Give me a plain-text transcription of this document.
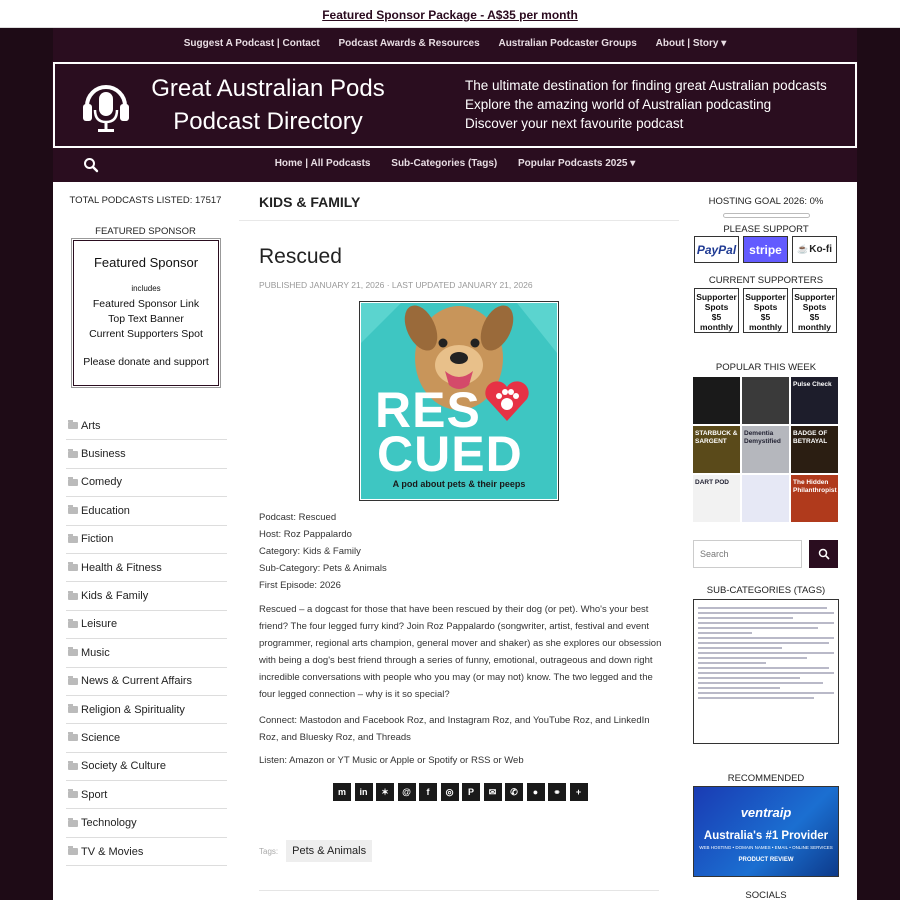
Featured Sponsor Package - A$35 per month
Suggest A Podcast | Contact Podcast Awards & Resources Australian Podcaster Groups About | Story ▾
Great Australian Pods
Podcast Directory
The ultimate destination for finding great Australian podcasts
Explore the amazing world of Australian podcasting
Discover your next favourite podcast
Home | All Podcasts Sub-Categories (Tags) Popular Podcasts 2025 ▾
TOTAL PODCASTS LISTED: 17517
FEATURED SPONSOR
Featured Sponsor
includes
Featured Sponsor Link
Top Text Banner
Current Supporters Spot
Please donate and support
Arts
Business
Comedy
Education
Fiction
Health & Fitness
Kids & Family
Leisure
Music
News & Current Affairs
Religion & Spirituality
Science
Society & Culture
Sport
Technology
TV & Movies
KIDS & FAMILY
Rescued
PUBLISHED JANUARY 21, 2026 · LAST UPDATED JANUARY 21, 2026
RES
CUED
A pod about pets & their peeps
Podcast: Rescued
Host: Roz Pappalardo
Category: Kids & Family
Sub-Category: Pets & Animals
First Episode: 2026
Rescued – a dogcast for those that have been rescued by their dog (or pet). Who's your best friend? The four legged furry kind? Join Roz Pappalardo (songwriter, artist, festival and event programmer, regional arts champion, general mover and shaker) as she explores our obsession with being a dog's best friend through a series of funny, emotional, outrageous and down right incredible conversations with people who you may (or may not) know. The two legged and the four legged connection – why is it so special?
Connect: Mastodon and Facebook Roz, and Instagram Roz, and YouTube Roz, and LinkedIn Roz, and Bluesky Roz, and Threads
Listen: Amazon or YT Music or Apple or Spotify or RSS or Web
m	in	✶	@	f	◎	P	✉	✆	●	⚭	+
Tags:	Pets & Animals
HOSTING GOAL 2026: 0%
PLEASE SUPPORT
PayPal stripe ☕ Ko-fi
CURRENT SUPPORTERS
Supporter
Spots
$5
monthly
Supporter
Spots
$5
monthly
Supporter
Spots
$5
monthly
POPULAR THIS WEEK
Pulse Check
STARBUCK & SARGENT
Dementia Demystified
BADGE OF BETRAYAL
DART POD	The Hidden Philanthropist
Search
SUB-CATEGORIES (TAGS)
RECOMMENDED
ventraip
Australia's #1 Provider
WEB HOSTING • DOMAIN NAMES • EMAIL • ONLINE SERVICES
PRODUCT REVIEW
SOCIALS
